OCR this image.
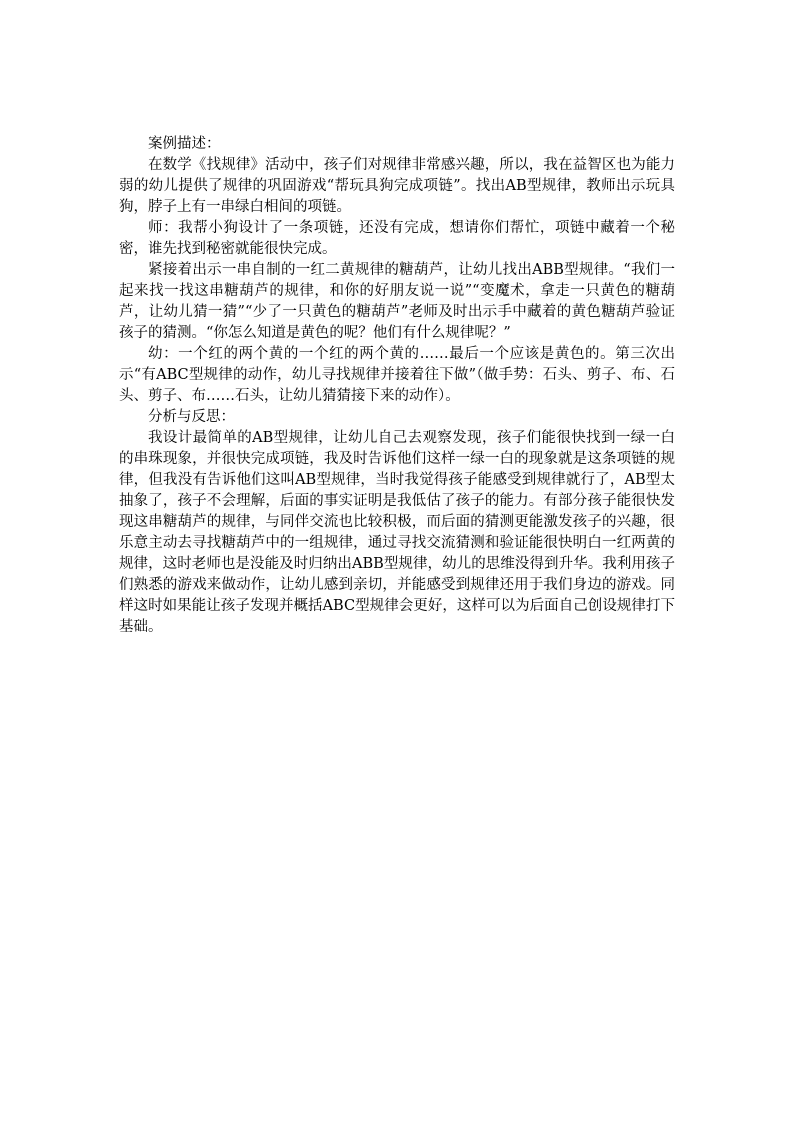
案例描述：

在数学《找规律》活动中，孩子们对规律非常感兴趣，所以，我在益智区也为能力弱的幼儿提供了规律的巩固游戏“帮玩具狗完成项链”。找出AB型规律，教师出示玩具狗，脖子上有一串绿白相间的项链。

师：我帮小狗设计了一条项链，还没有完成，想请你们帮忙，项链中藏着一个秘密，谁先找到秘密就能很快完成。

紧接着出示一串自制的一红二黄规律的糖葫芦，让幼儿找出ABB型规律。“我们一起来找一找这串糖葫芦的规律，和你的好朋友说一说”“变魔术，拿走一只黄色的糖葫芦，让幼儿猜一猜”“少了一只黄色的糖葫芦”老师及时出示手中藏着的黄色糖葫芦验证孩子的猜测。“你怎么知道是黄色的呢？他们有什么规律呢？”

幼：一个红的两个黄的一个红的两个黄的……最后一个应该是黄色的。第三次出示“有ABC型规律的动作，幼儿寻找规律并接着往下做”（做手势：石头、剪子、布、石头、剪子、布……石头，让幼儿猜猜接下来的动作）。

分析与反思：

我设计最简单的AB型规律，让幼儿自己去观察发现，孩子们能很快找到一绿一白的串珠现象，并很快完成项链，我及时告诉他们这样一绿一白的现象就是这条项链的规律，但我没有告诉他们这叫AB型规律，当时我觉得孩子能感受到规律就行了，AB型太抽象了，孩子不会理解，后面的事实证明是我低估了孩子的能力。有部分孩子能很快发现这串糖葫芦的规律，与同伴交流也比较积极，而后面的猜测更能激发孩子的兴趣，很乐意主动去寻找糖葫芦中的一组规律，通过寻找交流猜测和验证能很快明白一红两黄的规律，这时老师也是没能及时归纳出ABB型规律，幼儿的思维没得到升华。我利用孩子们熟悉的游戏来做动作，让幼儿感到亲切，并能感受到规律还用于我们身边的游戏。同样这时如果能让孩子发现并概括ABC型规律会更好，这样可以为后面自己创设规律打下基础。
